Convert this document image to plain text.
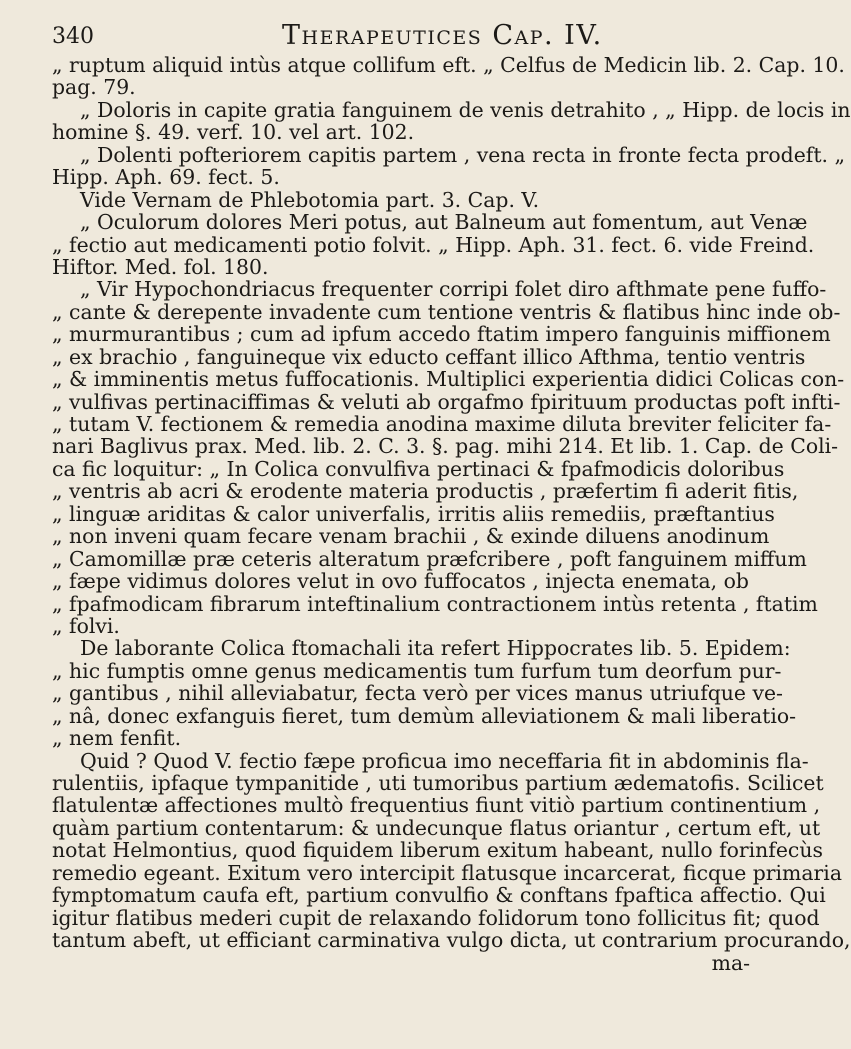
340	Therapeutices Cap. IV.
„ ruptum aliquid intùs atque collifum eft. „ Celfus de Medicin lib. 2. Cap. 10.
pag. 79.
„ Doloris in capite gratia fanguinem de venis detrahito , „ Hipp. de locis in
homine §. 49. verf. 10. vel art. 102.
„ Dolenti pofteriorem capitis partem , vena recta in fronte fecta prodeft. „
Hipp. Aph. 69. fect. 5.
Vide Vernam de Phlebotomia part. 3. Cap. V.
„ Oculorum dolores Meri potus, aut Balneum aut fomentum, aut Venæ
„ fectio aut medicamenti potio folvit. „ Hipp. Aph. 31. fect. 6. vide Freind.
Hiftor. Med. fol. 180.
„ Vir Hypochondriacus frequenter corripi folet diro afthmate pene fuffo-
„ cante & derepente invadente cum tentione ventris & flatibus hinc inde ob-
„ murmurantibus ; cum ad ipfum accedo ftatim impero fanguinis miffionem
„ ex brachio , fanguineque vix eductо ceffant illico Afthma, tentio ventris
„ & imminentis metus fuffocationis. Multiplici experientia didici Colicas con-
„ vulfivas pertinaciffimas & veluti ab orgafmo fpirituum productas poft infti-
„ tutam V. fectionem & remedia anodina maxime diluta breviter feliciter fa-
nari Baglivus prax. Med. lib. 2. C. 3. §. pag. mihi 214. Et lib. 1. Cap. de Coli-
ca fic loquitur: „ In Colica convulfiva pertinaci & fpafmodicis doloribus
„ ventris ab acri & erodente materia productis , præfertim fi aderit fitis,
„ linguæ ariditas & calor univerfalis, irritis aliis remediis, præftantius
„ non inveni quam fecare venam brachii , & exinde diluens anodinum
„ Camomillæ præ ceteris alteratum præfcribere , poft fanguinem miffum
„ fæpe vidimus dolores velut in ovo fuffocatos , injecta enemata, ob
„ fpafmodicam fibrarum inteftinalium contractionem intùs retenta , ftatim
„ folvi.
De laborante Colica ftomachali ita refert Hippocrates lib. 5. Epidem:
„ hic fumptis omne genus medicamentis tum furfum tum deorfum pur-
„ gantibus , nihil alleviabatur, fecta verò per vices manus utriufque ve-
„ nâ, donec exfanguis fieret, tum demùm alleviationem & mali liberatio-
„ nem fenfit.
Quid ? Quod V. fectio fæpe proficua imo neceffaria fit in abdominis fla-
rulentiis, ipfaque tympanitide , uti tumoribus partium ædematofis. Scilicet
flatulentæ affectiones multò frequentius fiunt vitiò partium continentium ,
quàm partium contentarum: & undecunque flatus oriantur , certum eft, ut
notat Helmontius, quod fiquidem liberum exitum habeant, nullo forinfecùs
remedio egeant. Exitum vero intercipit flatusque incarcerat, ficque primaria
fymptomatum caufa eft, partium convulfio & conftans fpaftica affectio. Qui
igitur flatibus mederi cupit de relaxando folidorum tono follicitus fit; quod
tantum abeft, ut efficiant carminativa vulgo dicta, ut contrarium procurando,
ma-
